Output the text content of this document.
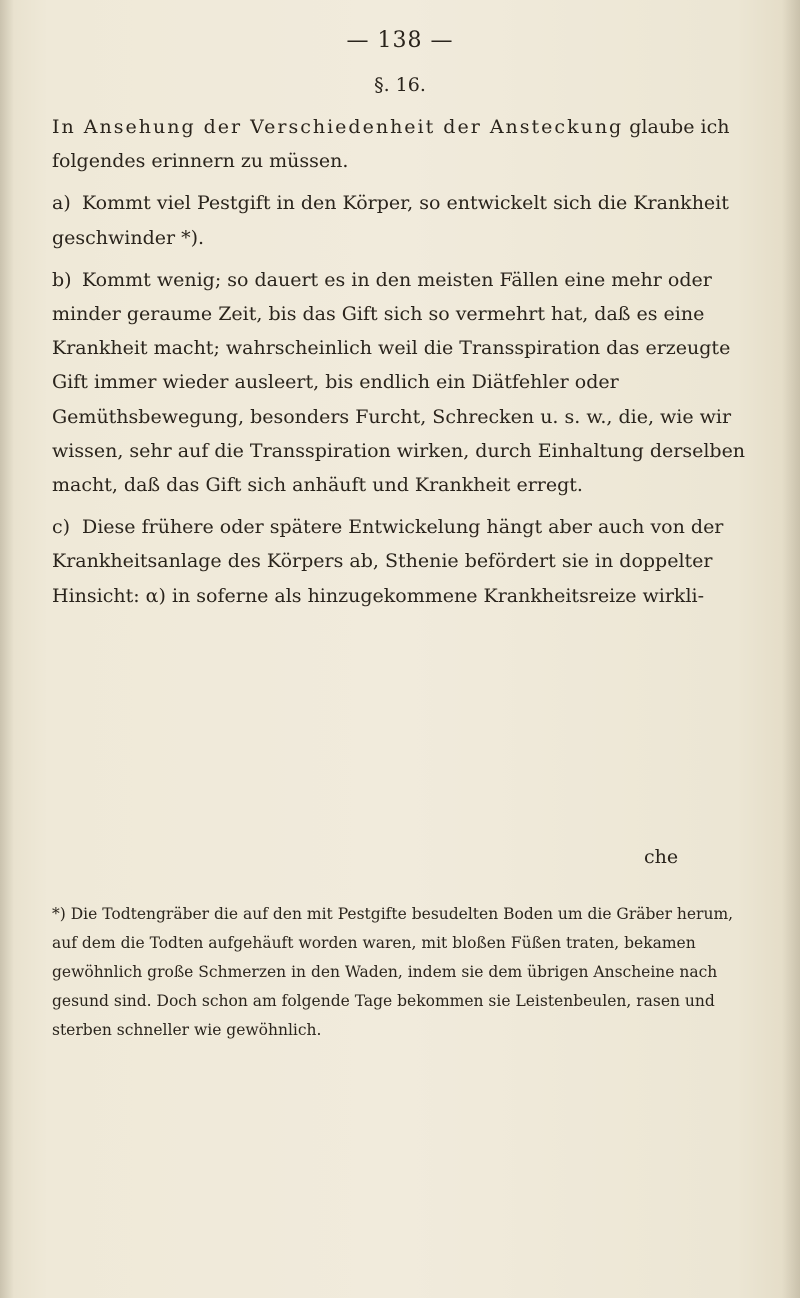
— 138 —
§. 16.

In Ansehung der Verschiedenheit der Ansteckung glaube ich folgendes erinnern zu müssen.

a) Kommt viel Pestgift in den Körper, so entwickelt sich die Krankheit geschwinder *).

b) Kommt wenig; so dauert es in den meisten Fällen eine mehr oder minder geraume Zeit, bis das Gift sich so vermehrt hat, daß es eine Krankheit macht; wahrscheinlich weil die Transspiration das erzeugte Gift immer wieder ausleert, bis endlich ein Diätfehler oder Gemüthsbewegung, besonders Furcht, Schrecken u. s. w., die, wie wir wissen, sehr auf die Transspiration wirken, durch Einhaltung derselben macht, daß das Gift sich anhäuft und Krankheit erregt.

c) Diese frühere oder spätere Entwickelung hängt aber auch von der Krankheitsanlage des Körpers ab, Sthenie befördert sie in doppelter Hinsicht: α) in soferne als hinzugekommene Krankheitsreize wirkli-

che

*) Die Todtengräber die auf den mit Pestgifte besudelten Boden um die Gräber herum, auf dem die Todten aufgehäuft worden waren, mit bloßen Füßen traten, bekamen gewöhnlich große Schmerzen in den Waden, indem sie dem übrigen Anscheine nach gesund sind. Doch schon am folgende Tage bekommen sie Leistenbeulen, rasen und sterben schneller wie gewöhnlich.
